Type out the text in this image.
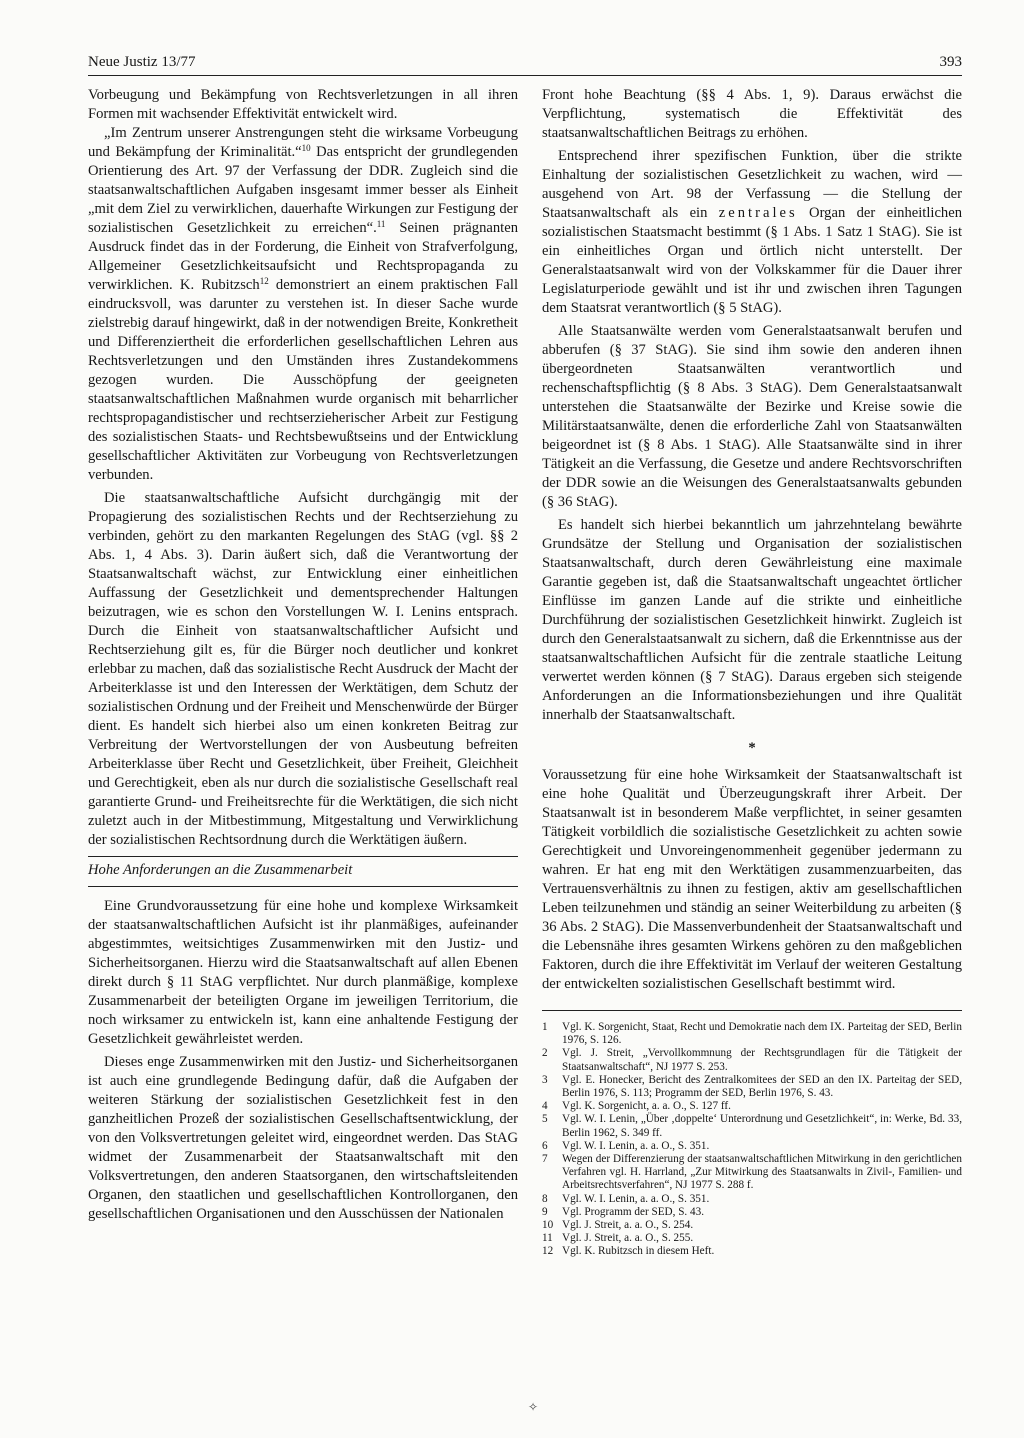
Neue Justiz 13/77	393

Vorbeugung und Bekämpfung von Rechtsverletzungen in all ihren Formen mit wachsender Effektivität entwickelt wird.

„Im Zentrum unserer Anstrengungen steht die wirksame Vorbeugung und Bekämpfung der Kriminalität.“$^{10}$ Das entspricht der grundlegenden Orientierung des Art. 97 der Verfassung der DDR. Zugleich sind die staatsanwaltschaftlichen Aufgaben insgesamt immer besser als Einheit „mit dem Ziel zu verwirklichen, dauerhafte Wirkungen zur Festigung der sozialistischen Gesetzlichkeit zu erreichen“.$^{11}$ Seinen prägnanten Ausdruck findet das in der Forderung, die Einheit von Strafverfolgung, Allgemeiner Gesetzlichkeitsaufsicht und Rechtspropaganda zu verwirklichen. K. Rubitzsch$^{12}$ demonstriert an einem praktischen Fall eindrucksvoll, was darunter zu verstehen ist. In dieser Sache wurde zielstrebig darauf hingewirkt, daß in der notwendigen Breite, Konkretheit und Differenziertheit die erforderlichen gesellschaftlichen Lehren aus Rechtsverletzungen und den Umständen ihres Zustandekommens gezogen wurden. Die Ausschöpfung der geeigneten staatsanwaltschaftlichen Maßnahmen wurde organisch mit beharrlicher rechtspropagandistischer und rechtserzieherischer Arbeit zur Festigung des sozialistischen Staats- und Rechtsbewußtseins und der Entwicklung gesellschaftlicher Aktivitäten zur Vorbeugung von Rechtsverletzungen verbunden.

Die staatsanwaltschaftliche Aufsicht durchgängig mit der Propagierung des sozialistischen Rechts und der Rechtserziehung zu verbinden, gehört zu den markanten Regelungen des StAG (vgl. §§ 2 Abs. 1, 4 Abs. 3). Darin äußert sich, daß die Verantwortung der Staatsanwaltschaft wächst, zur Entwicklung einer einheitlichen Auffassung der Gesetzlichkeit und dementsprechender Haltungen beizutragen, wie es schon den Vorstellungen W. I. Lenins entsprach. Durch die Einheit von staatsanwaltschaftlicher Aufsicht und Rechtserziehung gilt es, für die Bürger noch deutlicher und konkret erlebbar zu machen, daß das sozialistische Recht Ausdruck der Macht der Arbeiterklasse ist und den Interessen der Werktätigen, dem Schutz der sozialistischen Ordnung und der Freiheit und Menschenwürde der Bürger dient. Es handelt sich hierbei also um einen konkreten Beitrag zur Verbreitung der Wertvorstellungen der von Ausbeutung befreiten Arbeiterklasse über Recht und Gesetzlichkeit, über Freiheit, Gleichheit und Gerechtigkeit, eben als nur durch die sozialistische Gesellschaft real garantierte Grund- und Freiheitsrechte für die Werktätigen, die sich nicht zuletzt auch in der Mitbestimmung, Mitgestaltung und Verwirklichung der sozialistischen Rechtsordnung durch die Werktätigen äußern.

Hohe Anforderungen an die Zusammenarbeit

Eine Grundvoraussetzung für eine hohe und komplexe Wirksamkeit der staatsanwaltschaftlichen Aufsicht ist ihr planmäßiges, aufeinander abgestimmtes, weitsichtiges Zusammenwirken mit den Justiz- und Sicherheitsorganen. Hierzu wird die Staatsanwaltschaft auf allen Ebenen direkt durch § 11 StAG verpflichtet. Nur durch planmäßige, komplexe Zusammenarbeit der beteiligten Organe im jeweiligen Territorium, die noch wirksamer zu entwickeln ist, kann eine anhaltende Festigung der Gesetzlichkeit gewährleistet werden.

Dieses enge Zusammenwirken mit den Justiz- und Sicherheitsorganen ist auch eine grundlegende Bedingung dafür, daß die Aufgaben der weiteren Stärkung der sozialistischen Gesetzlichkeit fest in den ganzheitlichen Prozeß der sozialistischen Gesellschaftsentwicklung, der von den Volksvertretungen geleitet wird, eingeordnet werden. Das StAG widmet der Zusammenarbeit der Staatsanwaltschaft mit den Volksvertretungen, den anderen Staatsorganen, den wirtschaftsleitenden Organen, den staatlichen und gesellschaftlichen Kontrollorganen, den gesellschaftlichen Organisationen und den Ausschüssen der Nationalen

Front hohe Beachtung (§§ 4 Abs. 1, 9). Daraus erwächst die Verpflichtung, systematisch die Effektivität des staatsanwaltschaftlichen Beitrags zu erhöhen.

Entsprechend ihrer spezifischen Funktion, über die strikte Einhaltung der sozialistischen Gesetzlichkeit zu wachen, wird — ausgehend von Art. 98 der Verfassung — die Stellung der Staatsanwaltschaft als ein zentrales Organ der einheitlichen sozialistischen Staatsmacht bestimmt (§ 1 Abs. 1 Satz 1 StAG). Sie ist ein einheitliches Organ und örtlich nicht unterstellt. Der Generalstaatsanwalt wird von der Volkskammer für die Dauer ihrer Legislaturperiode gewählt und ist ihr und zwischen ihren Tagungen dem Staatsrat verantwortlich (§ 5 StAG).

Alle Staatsanwälte werden vom Generalstaatsanwalt berufen und abberufen (§ 37 StAG). Sie sind ihm sowie den anderen ihnen übergeordneten Staatsanwälten verantwortlich und rechenschaftspflichtig (§ 8 Abs. 3 StAG). Dem Generalstaatsanwalt unterstehen die Staatsanwälte der Bezirke und Kreise sowie die Militärstaatsanwälte, denen die erforderliche Zahl von Staatsanwälten beigeordnet ist (§ 8 Abs. 1 StAG). Alle Staatsanwälte sind in ihrer Tätigkeit an die Verfassung, die Gesetze und andere Rechtsvorschriften der DDR sowie an die Weisungen des Generalstaatsanwalts gebunden (§ 36 StAG).

Es handelt sich hierbei bekanntlich um jahrzehntelang bewährte Grundsätze der Stellung und Organisation der sozialistischen Staatsanwaltschaft, durch deren Gewährleistung eine maximale Garantie gegeben ist, daß die Staatsanwaltschaft ungeachtet örtlicher Einflüsse im ganzen Lande auf die strikte und einheitliche Durchführung der sozialistischen Gesetzlichkeit hinwirkt. Zugleich ist durch den Generalstaatsanwalt zu sichern, daß die Erkenntnisse aus der staatsanwaltschaftlichen Aufsicht für die zentrale staatliche Leitung verwertet werden können (§ 7 StAG). Daraus ergeben sich steigende Anforderungen an die Informationsbeziehungen und ihre Qualität innerhalb der Staatsanwaltschaft.

*

Voraussetzung für eine hohe Wirksamkeit der Staatsanwaltschaft ist eine hohe Qualität und Überzeugungskraft ihrer Arbeit. Der Staatsanwalt ist in besonderem Maße verpflichtet, in seiner gesamten Tätigkeit vorbildlich die sozialistische Gesetzlichkeit zu achten sowie Gerechtigkeit und Unvoreingenommenheit gegenüber jedermann zu wahren. Er hat eng mit den Werktätigen zusammenzuarbeiten, das Vertrauensverhältnis zu ihnen zu festigen, aktiv am gesellschaftlichen Leben teilzunehmen und ständig an seiner Weiterbildung zu arbeiten (§ 36 Abs. 2 StAG). Die Massenverbundenheit der Staatsanwaltschaft und die Lebensnähe ihres gesamten Wirkens gehören zu den maßgeblichen Faktoren, durch die ihre Effektivität im Verlauf der weiteren Gestaltung der entwickelten sozialistischen Gesellschaft bestimmt wird.

1	Vgl. K. Sorgenicht, Staat, Recht und Demokratie nach dem IX. Parteitag der SED, Berlin 1976, S. 126.
2	Vgl. J. Streit, „Vervollkommnung der Rechtsgrundlagen für die Tätigkeit der Staatsanwaltschaft“, NJ 1977 S. 253.
3	Vgl. E. Honecker, Bericht des Zentralkomitees der SED an den IX. Parteitag der SED, Berlin 1976, S. 113; Programm der SED, Berlin 1976, S. 43.
4	Vgl. K. Sorgenicht, a. a. O., S. 127 ff.
5	Vgl. W. I. Lenin, „Über ‚doppelte‘ Unterordnung und Gesetzlichkeit“, in: Werke, Bd. 33, Berlin 1962, S. 349 ff.
6	Vgl. W. I. Lenin, a. a. O., S. 351.
7	Wegen der Differenzierung der staatsanwaltschaftlichen Mitwirkung in den gerichtlichen Verfahren vgl. H. Harrland, „Zur Mitwirkung des Staatsanwalts in Zivil-, Familien- und Arbeitsrechtsverfahren“, NJ 1977 S. 288 f.
8	Vgl. W. I. Lenin, a. a. O., S. 351.
9	Vgl. Programm der SED, S. 43.
10 Vgl. J. Streit, a. a. O., S. 254.
11 Vgl. J. Streit, a. a. O., S. 255.
12 Vgl. K. Rubitzsch in diesem Heft.
✧
